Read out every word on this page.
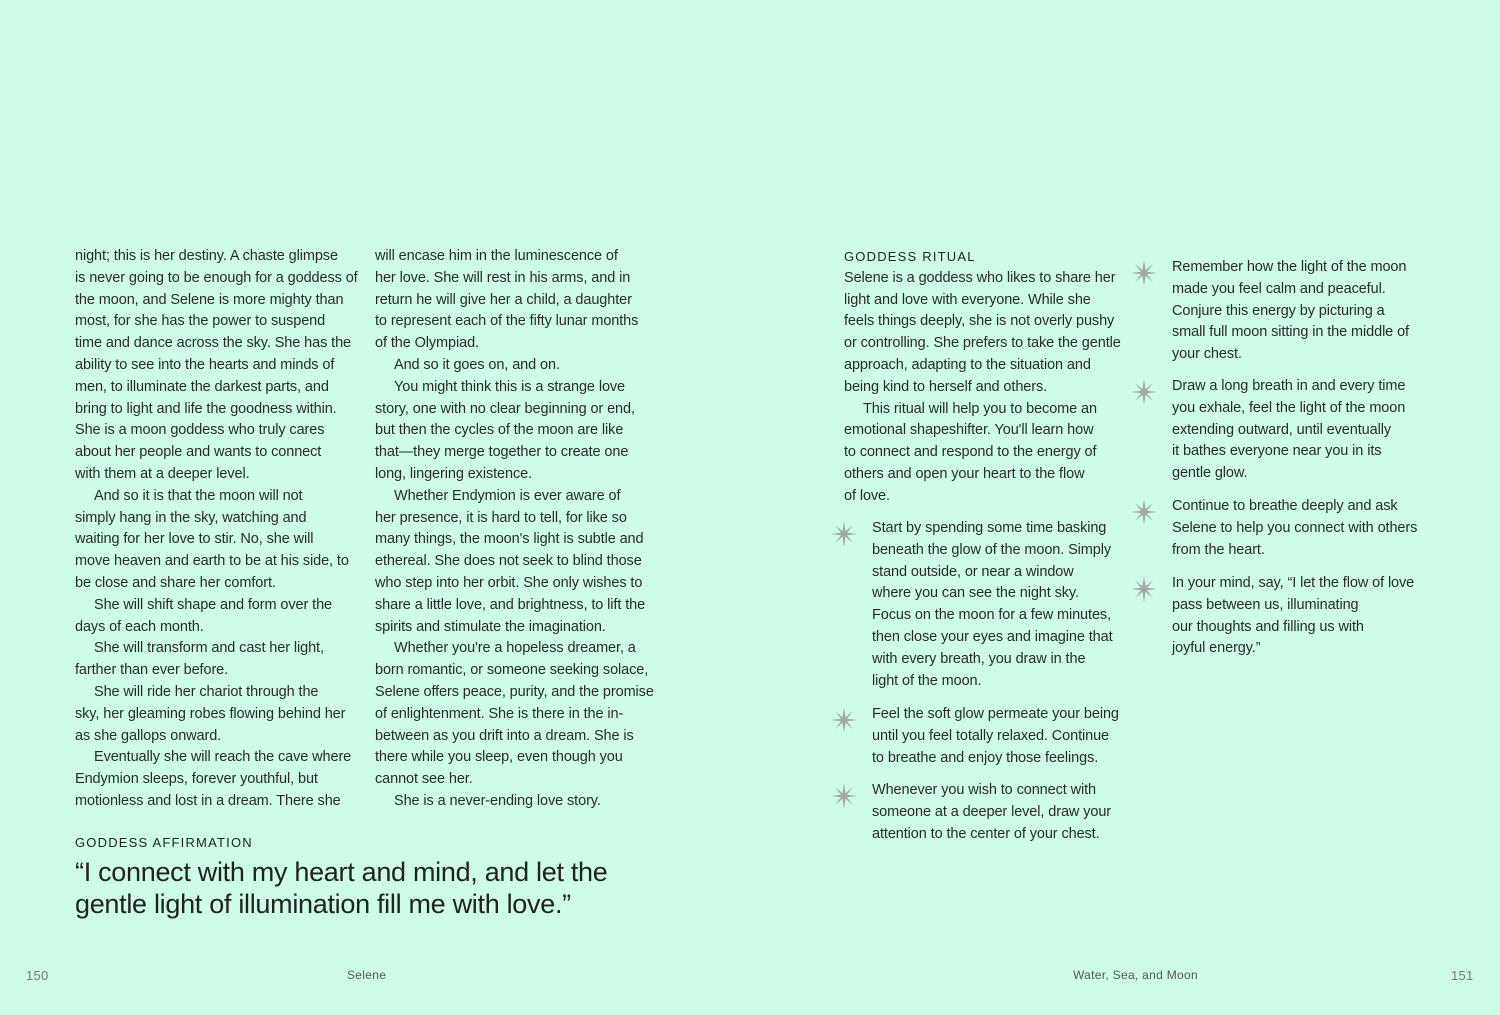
night; this is her destiny. A chaste glimpse
is never going to be enough for a goddess of
the moon, and Selene is more mighty than
most, for she has the power to suspend
time and dance across the sky. She has the
ability to see into the hearts and minds of
men, to illuminate the darkest parts, and
bring to light and life the goodness within.
She is a moon goddess who truly cares
about her people and wants to connect
with them at a deeper level.
And so it is that the moon will not
simply hang in the sky, watching and
waiting for her love to stir. No, she will
move heaven and earth to be at his side, to
be close and share her comfort.
She will shift shape and form over the
days of each month.
She will transform and cast her light,
farther than ever before.
She will ride her chariot through the
sky, her gleaming robes flowing behind her
as she gallops onward.
Eventually she will reach the cave where
Endymion sleeps, forever youthful, but
motionless and lost in a dream. There she
will encase him in the luminescence of
her love. She will rest in his arms, and in
return he will give her a child, a daughter
to represent each of the fifty lunar months
of the Olympiad.
And so it goes on, and on.
You might think this is a strange love
story, one with no clear beginning or end,
but then the cycles of the moon are like
that—they merge together to create one
long, lingering existence.
Whether Endymion is ever aware of
her presence, it is hard to tell, for like so
many things, the moon's light is subtle and
ethereal. She does not seek to blind those
who step into her orbit. She only wishes to
share a little love, and brightness, to lift the
spirits and stimulate the imagination.
Whether you're a hopeless dreamer, a
born romantic, or someone seeking solace,
Selene offers peace, purity, and the promise
of enlightenment. She is there in the in-
between as you drift into a dream. She is
there while you sleep, even though you
cannot see her.
She is a never-ending love story.
GODDESS AFFIRMATION
“I connect with my heart and mind, and let the
gentle light of illumination fill me with love.”
150	Selene
GODDESS RITUAL
Selene is a goddess who likes to share her
light and love with everyone. While she
feels things deeply, she is not overly pushy
or controlling. She prefers to take the gentle
approach, adapting to the situation and
being kind to herself and others.
This ritual will help you to become an
emotional shapeshifter. You'll learn how
to connect and respond to the energy of
others and open your heart to the flow
of love.
Start by spending some time basking
beneath the glow of the moon. Simply
stand outside, or near a window
where you can see the night sky.
Focus on the moon for a few minutes,
then close your eyes and imagine that
with every breath, you draw in the
light of the moon.
Feel the soft glow permeate your being
until you feel totally relaxed. Continue
to breathe and enjoy those feelings.
Whenever you wish to connect with
someone at a deeper level, draw your
attention to the center of your chest.
Remember how the light of the moon
made you feel calm and peaceful.
Conjure this energy by picturing a
small full moon sitting in the middle of
your chest.
Draw a long breath in and every time
you exhale, feel the light of the moon
extending outward, until eventually
it bathes everyone near you in its
gentle glow.
Continue to breathe deeply and ask
Selene to help you connect with others
from the heart.
In your mind, say, “I let the flow of love
pass between us, illuminating
our thoughts and filling us with
joyful energy.”
Water, Sea, and Moon	151
